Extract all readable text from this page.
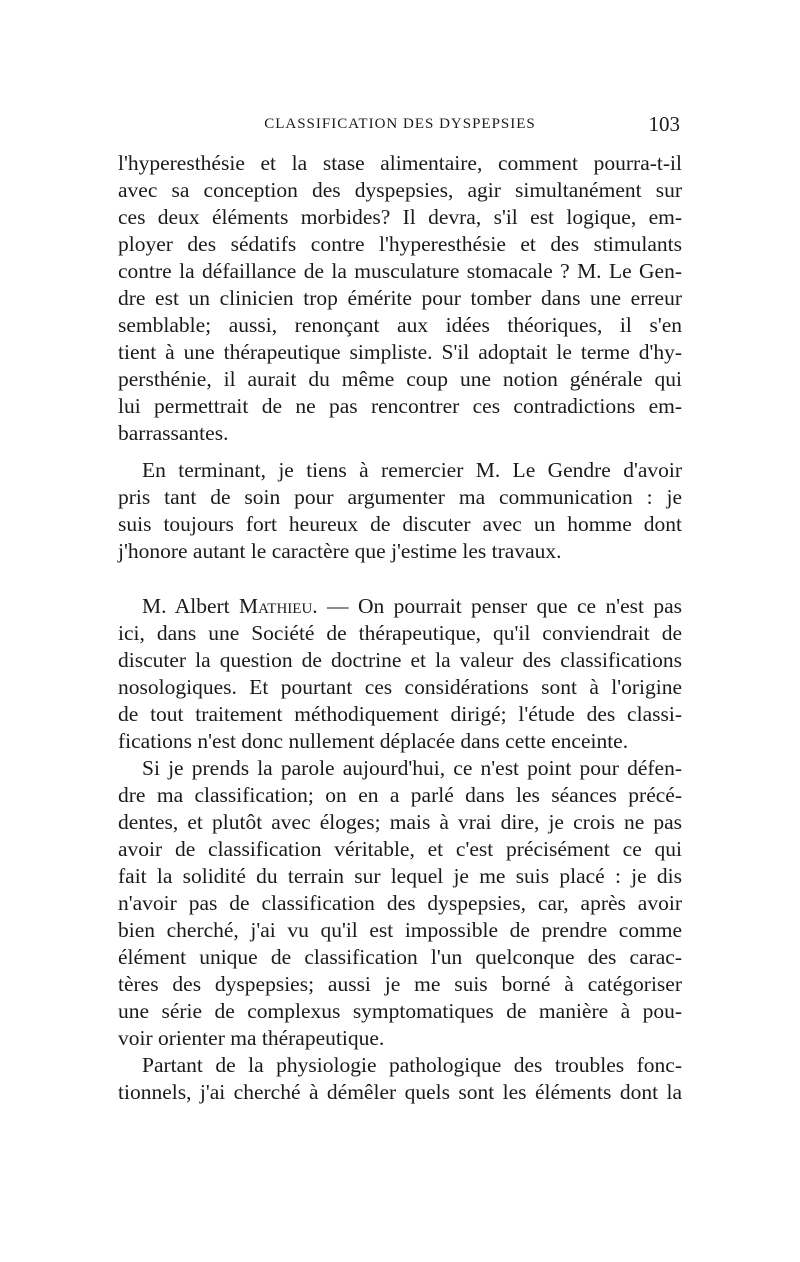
CLASSIFICATION DES DYSPEPSIES	103
l'hyperesthésie et la stase alimentaire, comment pourra-t-il
avec sa conception des dyspepsies, agir simultanément sur
ces deux éléments morbides? Il devra, s'il est logique, em-
ployer des sédatifs contre l'hyperesthésie et des stimulants
contre la défaillance de la musculature stomacale ? M. Le Gen-
dre est un clinicien trop émérite pour tomber dans une erreur
semblable; aussi, renonçant aux idées théoriques, il s'en
tient à une thérapeutique simpliste. S'il adoptait le terme d'hy-
persthénie, il aurait du même coup une notion générale qui
lui permettrait de ne pas rencontrer ces contradictions em-
barrassantes.
En terminant, je tiens à remercier M. Le Gendre d'avoir
pris tant de soin pour argumenter ma communication : je
suis toujours fort heureux de discuter avec un homme dont
j'honore autant le caractère que j'estime les travaux.
M. Albert Mathieu. — On pourrait penser que ce n'est pas
ici, dans une Société de thérapeutique, qu'il conviendrait de
discuter la question de doctrine et la valeur des classifications
nosologiques. Et pourtant ces considérations sont à l'origine
de tout traitement méthodiquement dirigé; l'étude des classi-
fications n'est donc nullement déplacée dans cette enceinte.
Si je prends la parole aujourd'hui, ce n'est point pour défen-
dre ma classification; on en a parlé dans les séances précé-
dentes, et plutôt avec éloges; mais à vrai dire, je crois ne pas
avoir de classification véritable, et c'est précisément ce qui
fait la solidité du terrain sur lequel je me suis placé : je dis
n'avoir pas de classification des dyspepsies, car, après avoir
bien cherché, j'ai vu qu'il est impossible de prendre comme
élément unique de classification l'un quelconque des carac-
tères des dyspepsies; aussi je me suis borné à catégoriser
une série de complexus symptomatiques de manière à pou-
voir orienter ma thérapeutique.
Partant de la physiologie pathologique des troubles fonc-
tionnels, j'ai cherché à démêler quels sont les éléments dont la
